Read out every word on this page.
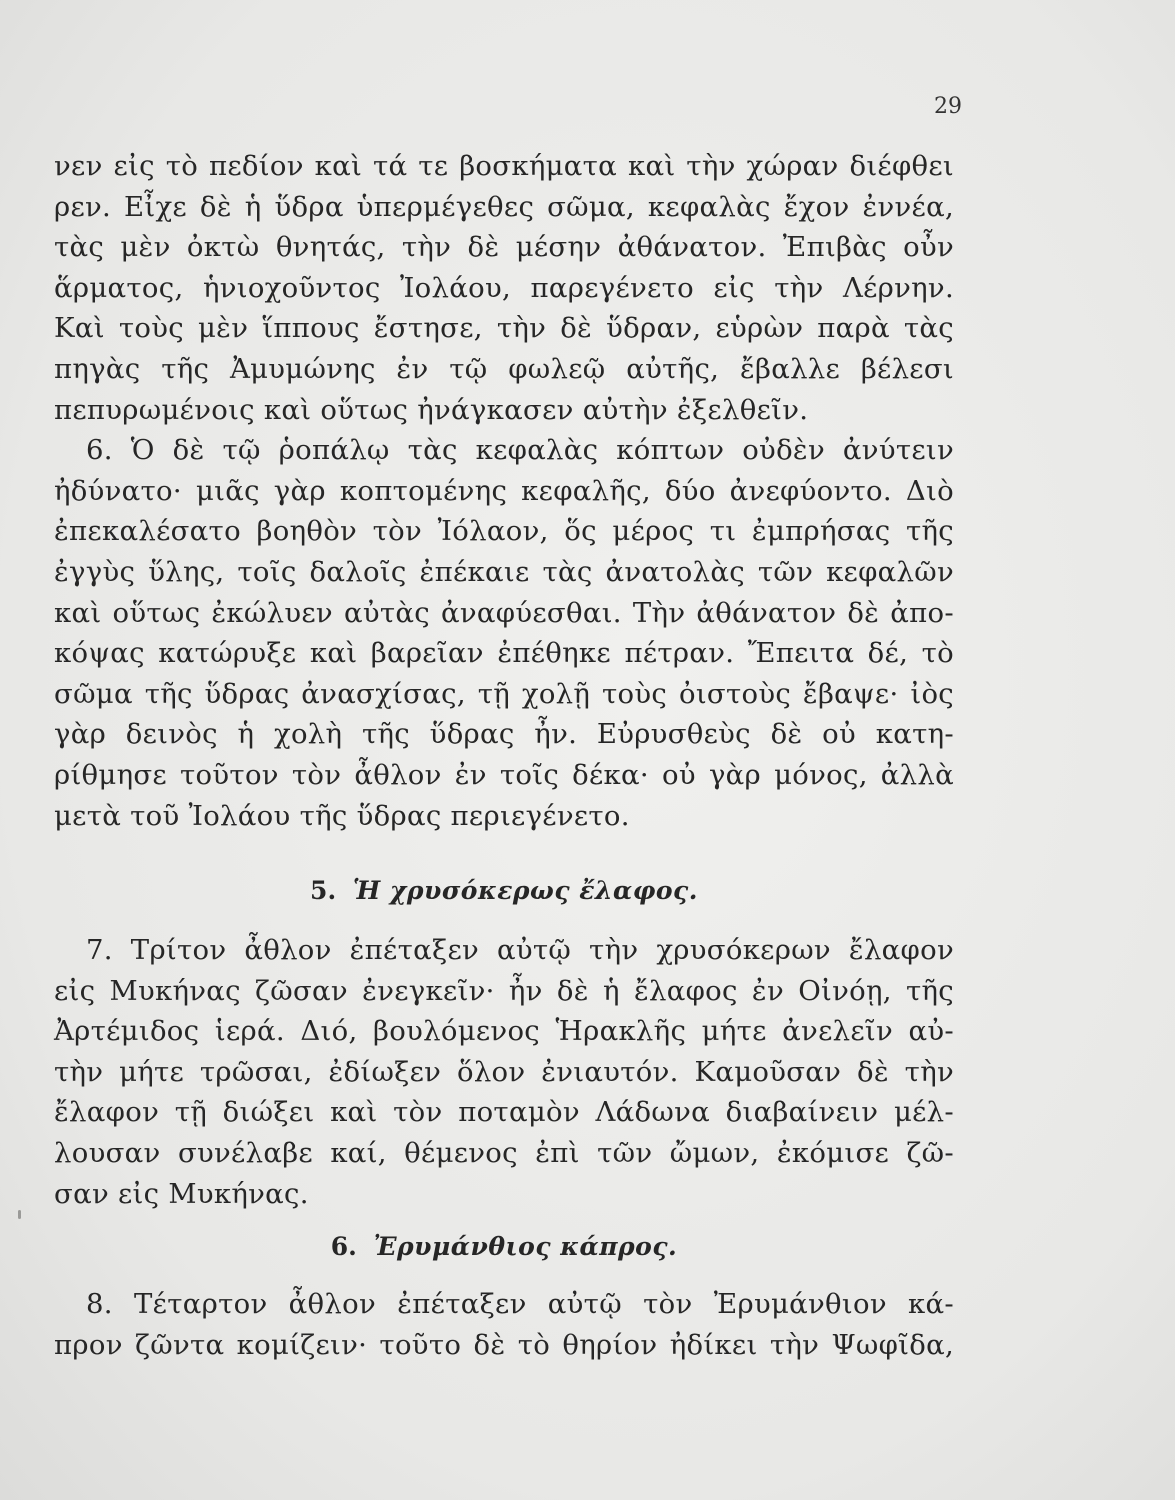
29
νεν εἰς τὸ πεδίον καὶ τά τε βοσκήματα καὶ τὴν χώραν διέφθει
ρεν. Εἶχε δὲ ἡ ὕδρα ὑπερμέγεθες σῶμα, κεφαλὰς ἔχον ἐννέα,
τὰς μὲν ὀκτὼ θνητάς, τὴν δὲ μέσην ἀθάνατον. Ἐπιβὰς οὖν
ἅρματος, ἡνιοχοῦντος Ἰολάου, παρεγένετο εἰς τὴν Λέρνην.
Καὶ τοὺς μὲν ἵππους ἔστησε, τὴν δὲ ὕδραν, εὑρὼν παρὰ τὰς
πηγὰς τῆς Ἀμυμώνης ἐν τῷ φωλεῷ αὐτῆς, ἔβαλλε βέλεσι
πεπυρωμένοις καὶ οὕτως ἠνάγκασεν αὐτὴν ἐξελθεῖν.
6. Ὁ δὲ τῷ ῥοπάλῳ τὰς κεφαλὰς κόπτων οὐδὲν ἀνύτειν
ἠδύνατο· μιᾶς γὰρ κοπτομένης κεφαλῆς, δύο ἀνεφύοντο. Διὸ
ἐπεκαλέσατο βοηθὸν τὸν Ἰόλαον, ὅς μέρος τι ἐμπρήσας τῆς
ἐγγὺς ὕλης, τοῖς δαλοῖς ἐπέκαιε τὰς ἀνατολὰς τῶν κεφαλῶν
καὶ οὕτως ἐκώλυεν αὐτὰς ἀναφύεσθαι. Τὴν ἀθάνατον δὲ ἀπο-
κόψας κατώρυξε καὶ βαρεῖαν ἐπέθηκε πέτραν. Ἔπειτα δέ, τὸ
σῶμα τῆς ὕδρας ἀνασχίσας, τῇ χολῇ τοὺς ὀιστοὺς ἔβαψε· ἰὸς
γὰρ δεινὸς ἡ χολὴ τῆς ὕδρας ἦν. Εὐρυσθεὺς δὲ οὐ κατη-
ρίθμησε τοῦτον τὸν ἆθλον ἐν τοῖς δέκα· οὐ γὰρ μόνος, ἀλλὰ
μετὰ τοῦ Ἰολάου τῆς ὕδρας περιεγένετο.
5. Ἡ χρυσόκερως ἔλαφος.
7. Τρίτον ἆθλον ἐπέταξεν αὐτῷ τὴν χρυσόκερων ἔλαφον
εἰς Μυκήνας ζῶσαν ἐνεγκεῖν· ἦν δὲ ἡ ἔλαφος ἐν Οἰνόῃ, τῆς
Ἀρτέμιδος ἱερά. Διό, βουλόμενος Ἡρακλῆς μήτε ἀνελεῖν αὐ-
τὴν μήτε τρῶσαι, ἐδίωξεν ὅλον ἐνιαυτόν. Καμοῦσαν δὲ τὴν
ἔλαφον τῇ διώξει καὶ τὸν ποταμὸν Λάδωνα διαβαίνειν μέλ-
λουσαν συνέλαβε καί, θέμενος ἐπὶ τῶν ὤμων, ἐκόμισε ζῶ-
σαν εἰς Μυκήνας.
6. Ἐρυμάνθιος κάπρος.
8. Τέταρτον ἆθλον ἐπέταξεν αὐτῷ τὸν Ἐρυμάνθιον κά-
προν ζῶντα κομίζειν· τοῦτο δὲ τὸ θηρίον ἠδίκει τὴν Ψωφῖδα,
